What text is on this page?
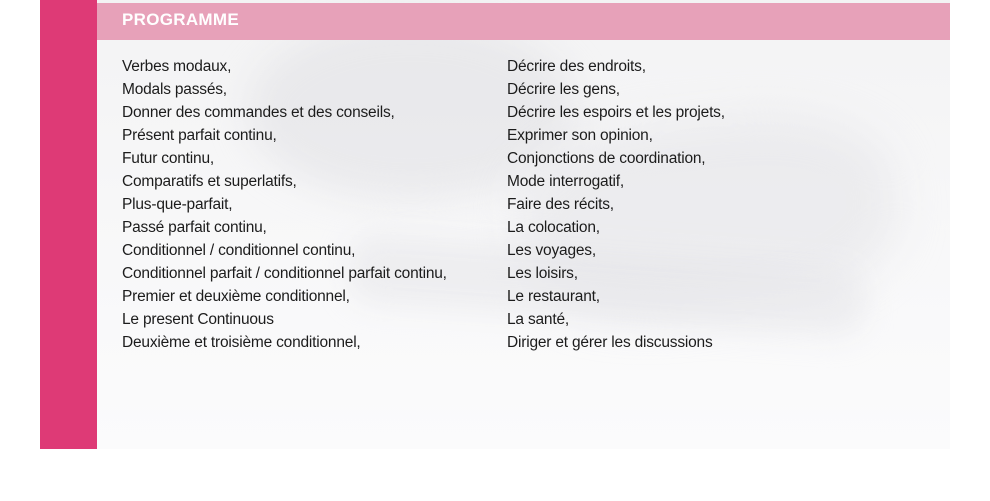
PROGRAMME
Verbes modaux,
Modals passés,
Donner des commandes et des conseils,
Présent parfait continu,
Futur continu,
Comparatifs et superlatifs,
Plus-que-parfait,
Passé parfait continu,
Conditionnel / conditionnel continu,
Conditionnel parfait / conditionnel parfait continu,
Premier et deuxième conditionnel,
Le present Continuous
Deuxième et troisième conditionnel,
Décrire des endroits,
Décrire les gens,
Décrire les espoirs et les projets,
Exprimer son opinion,
Conjonctions de coordination,
Mode interrogatif,
Faire des récits,
La colocation,
Les voyages,
Les loisirs,
Le restaurant,
La santé,
Diriger et gérer les discussions
